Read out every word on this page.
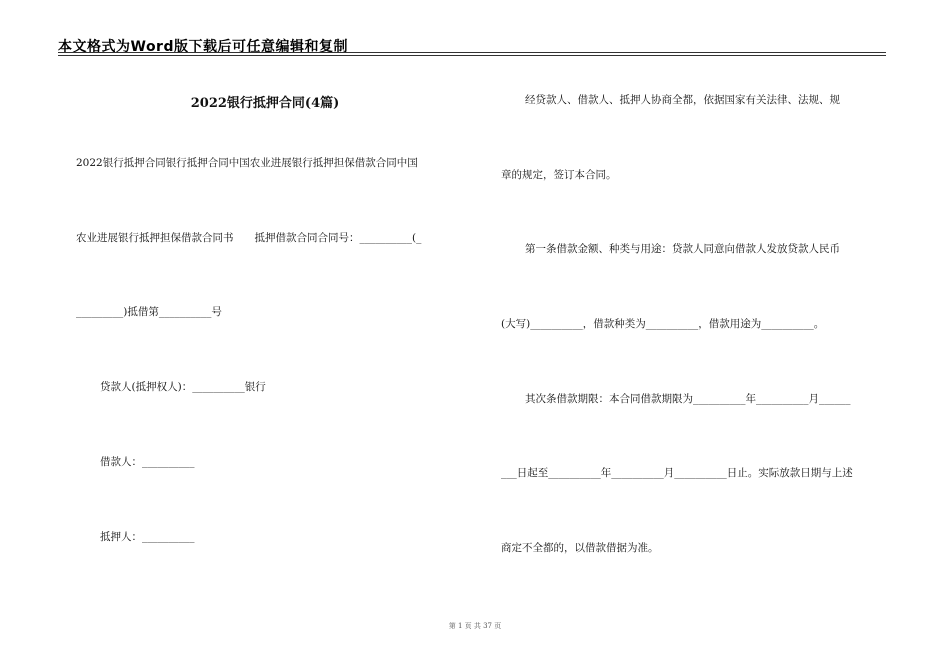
本文格式为Word版下载后可任意编辑和复制
2022银行抵押合同(4篇)
2022银行抵押合同银行抵押合同中国农业进展银行抵押担保借款合同中国
农业进展银行抵押担保借款合同书　　抵押借款合同合同号：__________(_
_________)抵借第__________号
贷款人(抵押权人)：__________银行
借款人：__________
抵押人：__________
经贷款人、借款人、抵押人协商全都，依据国家有关法律、法规、规
章的规定，签订本合同。
第一条借款金额、种类与用途：贷款人同意向借款人发放贷款人民币
(大写)__________，借款种类为__________，借款用途为__________。
其次条借款期限：本合同借款期限为__________年__________月______
___日起至__________年__________月__________日止。实际放款日期与上述
商定不全都的，以借款借据为准。
第 1 页 共 37 页
